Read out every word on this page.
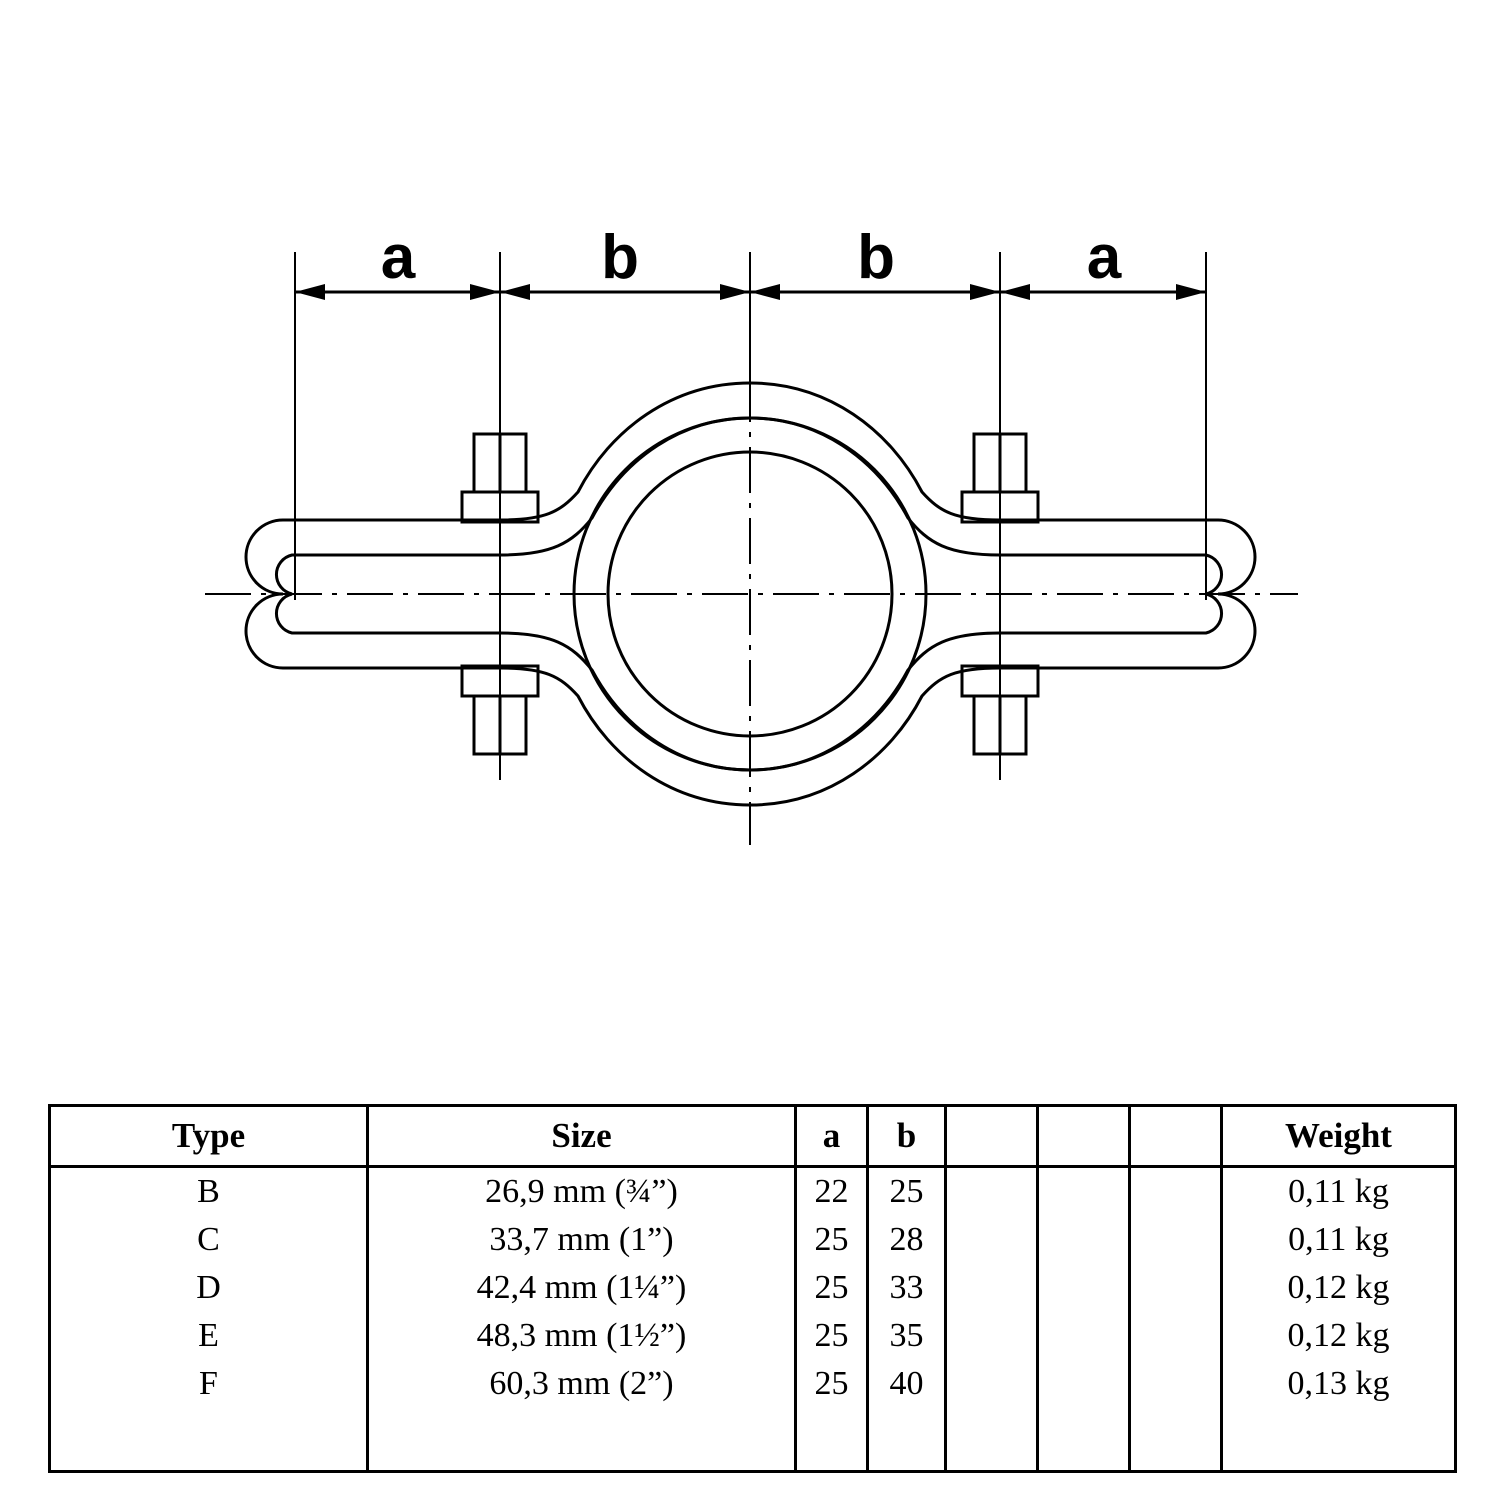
a	b	b	a
Type	Size	a	b				Weight
B	26,9 mm (¾”)	22	25				0,11 kg
C	33,7 mm (1”)	25	28				0,11 kg
D	42,4 mm (1¼”)	25	33				0,12 kg
E	48,3 mm (1½”)	25	35				0,12 kg
F	60,3 mm (2”)	25	40				0,13 kg
